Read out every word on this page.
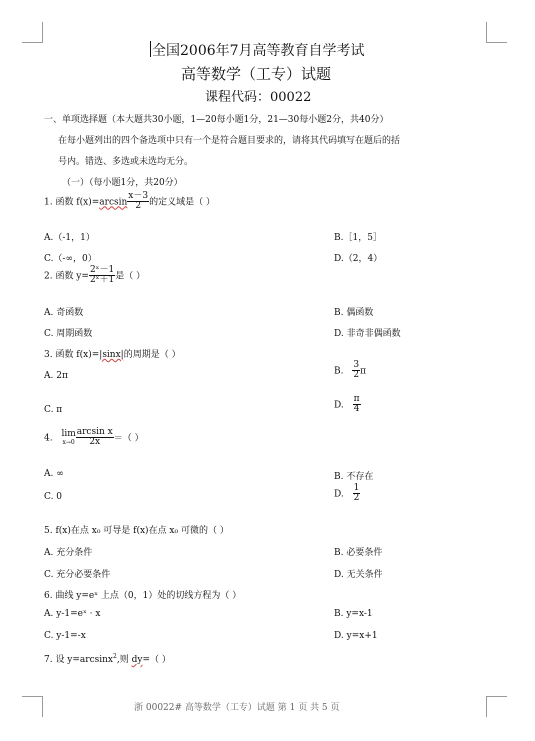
全国2006年7月高等教育自学考试
高等数学（工专）试题
课程代码：00022
一、单项选择题（本大题共30小题，1—20每小题1分，21—30每小题2分，共40分）
在每小题列出的四个备选项中只有一个是符合题目要求的，请将其代码填写在题后的括
号内。错选、多选或未选均无分。
（一）（每小题1分，共20分）
1. 函数 $f(x)=\arcsin \frac{x-3}{2}$ 的定义域是（ ）
A.（-1，1）	B.［1，5］
C.（-∞，0）	D.（2，4）
2. 函数 $y= \frac{\text{2ˣ－1}}{\text{2ˣ＋1}}$ 是（ ）
A. 奇函数	B. 偶函数
C. 周期函数	D. 非奇非偶函数
3. 函数 f(x)=|sinx|的周期是（ ）
A. 2π	B. $\frac{3}{2}$ π
C. π	D. $\frac{\pi}{4}$
4. lim
$x\to 0 \frac{\text{arcsin x}}{2x}$ ＝（ ）
A. ∞	B. 不存在
C. 0	D. $\frac{1}{2}$
5. f(x)在点 x₀ 可导是 f(x)在点 x₀ 可微的（ ）
A. 充分条件	B. 必要条件
C. 充分必要条件	D. 无关条件
6. 曲线 y=eˣ 上点（0，1）处的切线方程为（ ）
A. y-1=eˣ · x	B. y=x-1
C. y-1=-x	D. y=x+1
7. 设 y=arcsinx$^2$,则 dy=（ ）
浙 00022# 高等数学（工专）试题 第 1 页 共 5 页
